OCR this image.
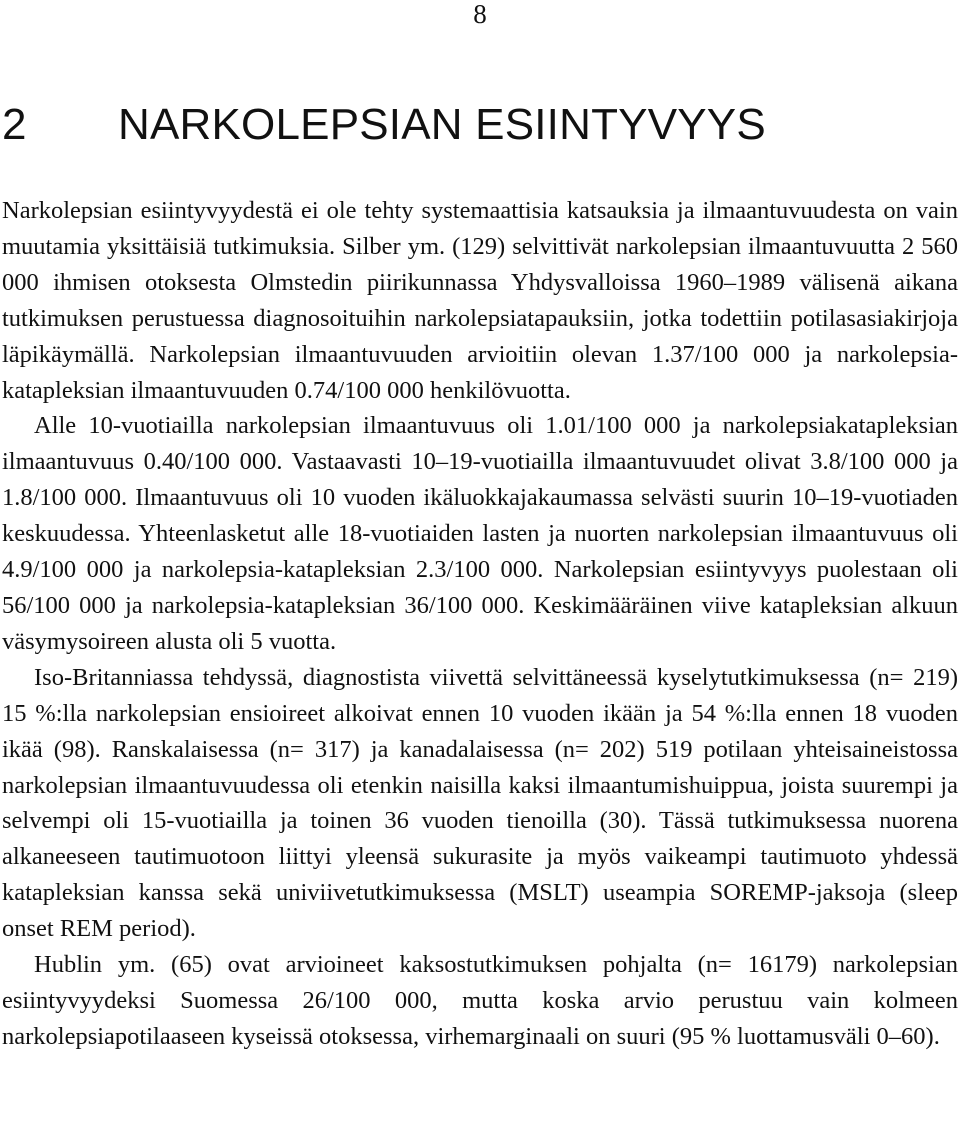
8
2 NARKOLEPSIAN ESIINTYVYYS

Narkolepsian esiintyvyydestä ei ole tehty systemaattisia katsauksia ja ilmaantuvuudesta on vain muutamia yksittäisiä tutkimuksia. Silber ym. (129) selvittivät narkolepsian ilmaantuvuutta 2 560 000 ihmisen otoksesta Olmstedin piirikunnassa Yhdysvalloissa 1960–1989 välisenä aikana tutkimuksen perustuessa diagnosoituihin narkolepsiatapauksiin, jotka todettiin potilasasiakirjoja läpikäymällä. Narkolepsian ilmaantuvuuden arvioitiin olevan 1.37/100 000 ja narkolepsia-katapleksian ilmaantuvuuden 0.74/100 000 henkilövuotta.

Alle 10-vuotiailla narkolepsian ilmaantuvuus oli 1.01/100 000 ja narkolepsiakatapleksian ilmaantuvuus 0.40/100 000. Vastaavasti 10–19-vuotiailla ilmaantuvuudet olivat 3.8/100 000 ja 1.8/100 000. Ilmaantuvuus oli 10 vuoden ikäluokkajakaumassa selvästi suurin 10–19-vuotiaden keskuudessa. Yhteenlasketut alle 18-vuotiaiden lasten ja nuorten narkolepsian ilmaantuvuus oli 4.9/100 000 ja narkolepsia-katapleksian 2.3/100 000. Narkolepsian esiintyvyys puolestaan oli 56/100 000 ja narkolepsia-katapleksian 36/100 000. Keskimääräinen viive katapleksian alkuun väsymysoireen alusta oli 5 vuotta.

Iso-Britanniassa tehdyssä, diagnostista viivettä selvittäneessä kyselytutkimuksessa (n= 219) 15 %:lla narkolepsian ensioireet alkoivat ennen 10 vuoden ikään ja 54 %:lla ennen 18 vuoden ikää (98). Ranskalaisessa (n= 317) ja kanadalaisessa (n= 202) 519 potilaan yhteisaineistossa narkolepsian ilmaantuvuudessa oli etenkin naisilla kaksi ilmaantumishuippua, joista suurempi ja selvempi oli 15-vuotiailla ja toinen 36 vuoden tienoilla (30). Tässä tutkimuksessa nuorena alkaneeseen tautimuotoon liittyi yleensä sukurasite ja myös vaikeampi tautimuoto yhdessä katapleksian kanssa sekä univiivetutkimuksessa (MSLT) useampia SOREMP-jaksoja (sleep onset REM period).

Hublin ym. (65) ovat arvioineet kaksostutkimuksen pohjalta (n= 16179) narkolepsian esiintyvyydeksi Suomessa 26/100 000, mutta koska arvio perustuu vain kolmeen narkolepsiapotilaaseen kyseissä otoksessa, virhemarginaali on suuri (95 % luottamusväli 0–60).
